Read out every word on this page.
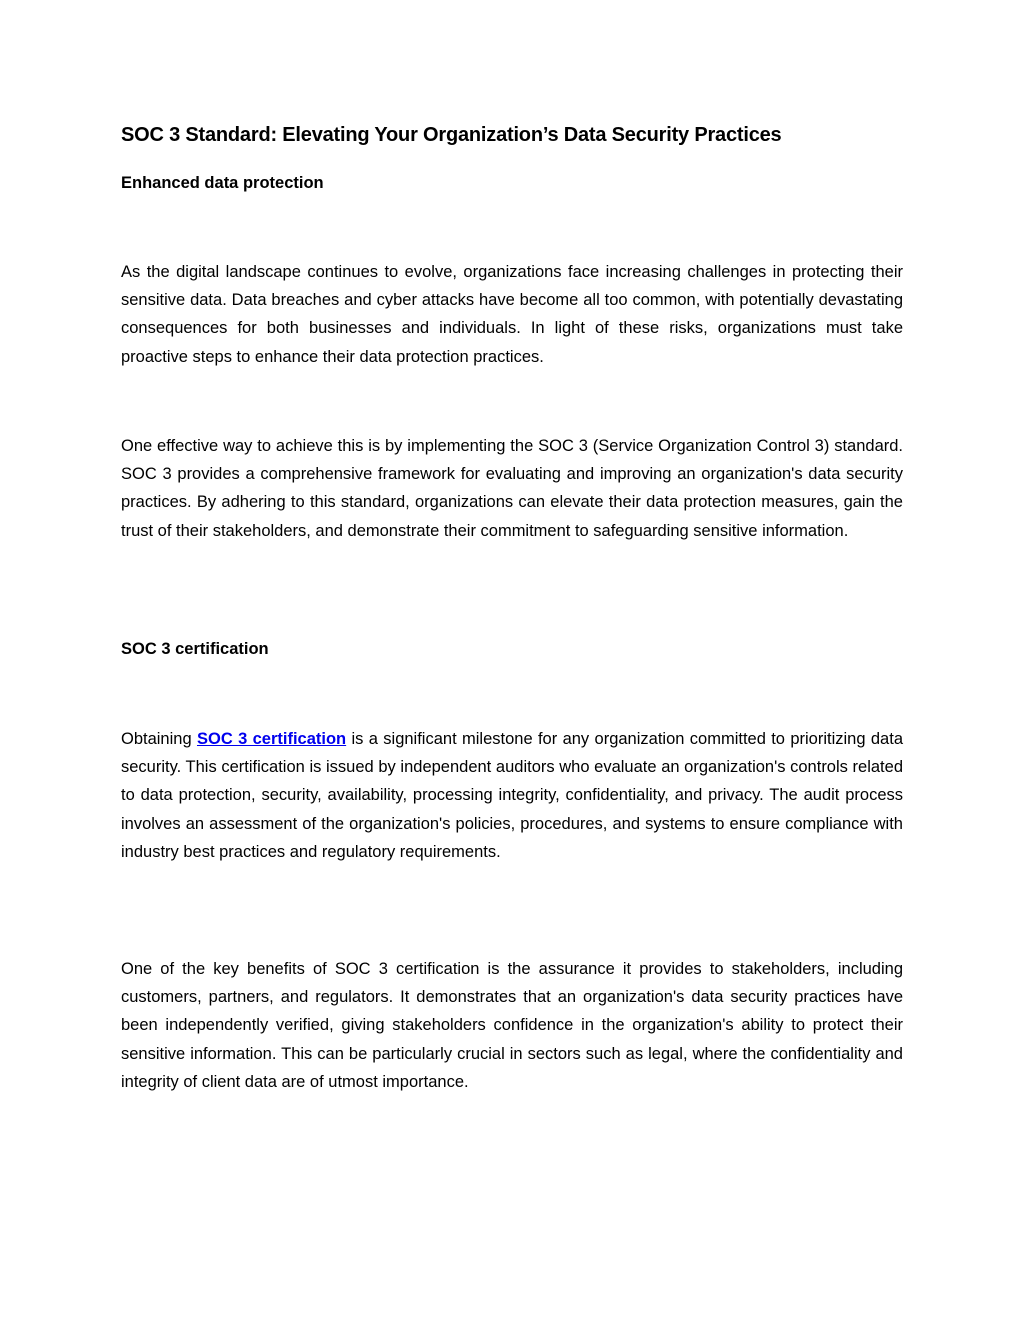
SOC 3 Standard: Elevating Your Organization’s Data Security Practices
Enhanced data protection

As the digital landscape continues to evolve, organizations face increasing challenges in protecting their sensitive data. Data breaches and cyber attacks have become all too common, with potentially devastating consequences for both businesses and individuals. In light of these risks, organizations must take proactive steps to enhance their data protection practices.

One effective way to achieve this is by implementing the SOC 3 (Service Organization Control 3) standard. SOC 3 provides a comprehensive framework for evaluating and improving an organization's data security practices. By adhering to this standard, organizations can elevate their data protection measures, gain the trust of their stakeholders, and demonstrate their commitment to safeguarding sensitive information.

SOC 3 certification

Obtaining SOC 3 certification is a significant milestone for any organization committed to prioritizing data security. This certification is issued by independent auditors who evaluate an organization's controls related to data protection, security, availability, processing integrity, confidentiality, and privacy. The audit process involves an assessment of the organization's policies, procedures, and systems to ensure compliance with industry best practices and regulatory requirements.

One of the key benefits of SOC 3 certification is the assurance it provides to stakeholders, including customers, partners, and regulators. It demonstrates that an organization's data security practices have been independently verified, giving stakeholders confidence in the organization's ability to protect their sensitive information. This can be particularly crucial in sectors such as legal, where the confidentiality and integrity of client data are of utmost importance.
